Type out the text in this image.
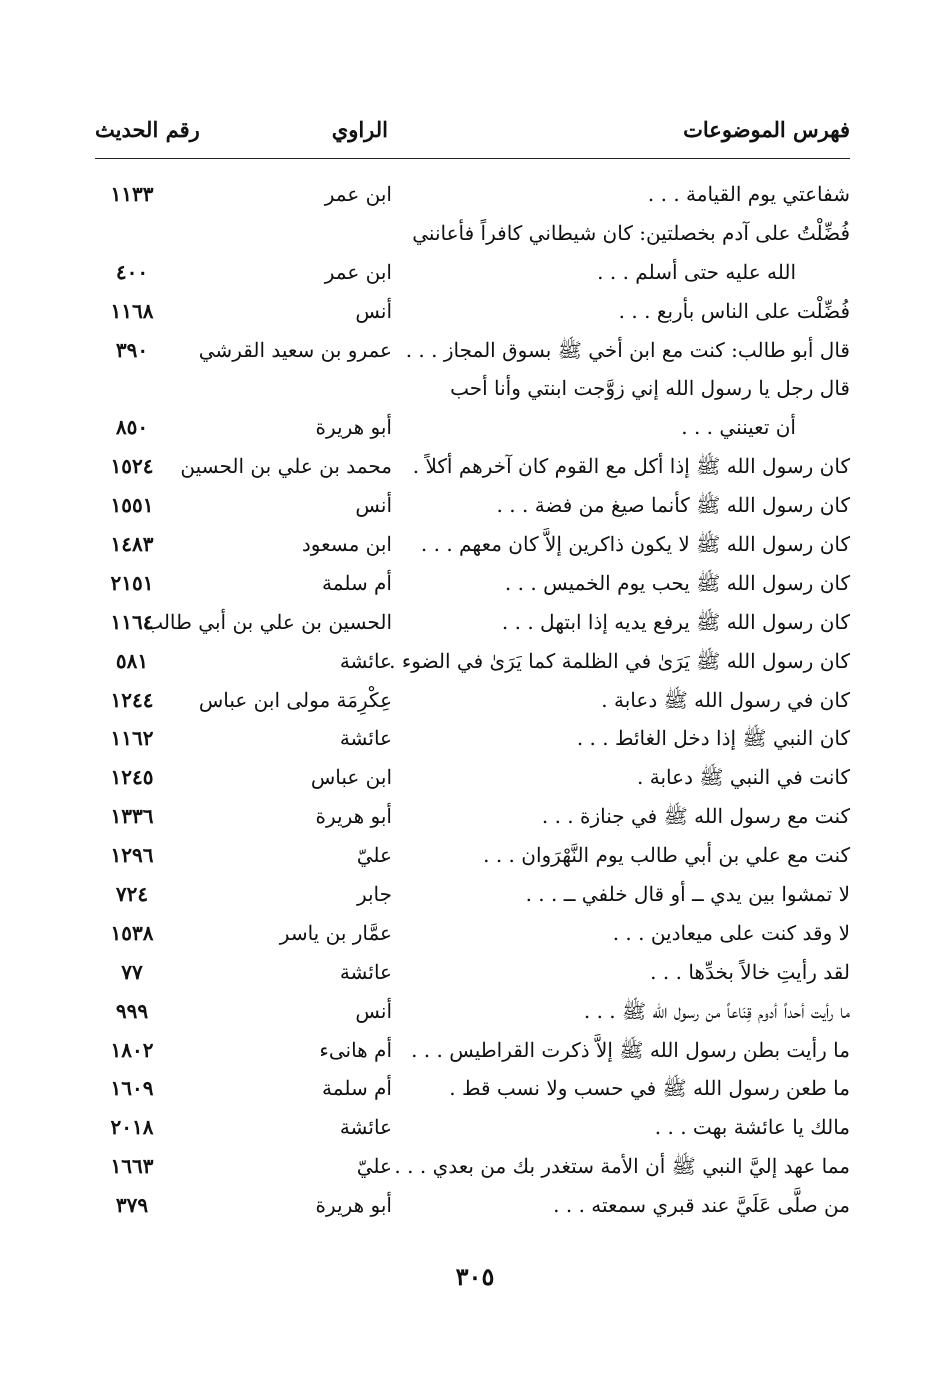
فهرس الموضوعات
الراوي
رقم الحديث
شفاعتي يوم القيامة . . .
ابن عمر
١١٣٣
فُضِّلْتُ على آدم بخصلتين: كان شيطاني كافراً فأعانني
الله عليه حتى أسلم . . .
ابن عمر
٤٠٠
فُضِّلْت على الناس بأربع . . .
أنس
١١٦٨
قال أبو طالب: كنت مع ابن أخي ﷺ بسوق المجاز . . .
عمرو بن سعيد القرشي
٣٩٠
قال رجل يا رسول الله إني زوَّجت ابنتي وأنا أحب
أن تعينني . . .
أبو هريرة
٨٥٠
كان رسول الله ﷺ إذا أكل مع القوم كان آخرهم أكلاً .
محمد بن علي بن الحسين
١٥٢٤
كان رسول الله ﷺ كأنما صيغ من فضة . . .
أنس
١٥٥١
كان رسول الله ﷺ لا يكون ذاكرين إلاَّ كان معهم . . .
ابن مسعود
١٤٨٣
كان رسول الله ﷺ يحب يوم الخميس . . .
أم سلمة
٢١٥١
كان رسول الله ﷺ يرفع يديه إذا ابتهل . . .
الحسين بن علي بن أبي طالب
١١٦٤
كان رسول الله ﷺ يَرَىٰ في الظلمة كما يَرَىٰ في الضوء .
عائشة
٥٨١
كان في رسول الله ﷺ دعابة .
عِكْرِمَة مولى ابن عباس
١٢٤٤
كان النبي ﷺ إذا دخل الغائط . . .
عائشة
١١٦٢
كانت في النبي ﷺ دعابة .
ابن عباس
١٢٤٥
كنت مع رسول الله ﷺ في جنازة . . .
أبو هريرة
١٣٣٦
كنت مع علي بن أبي طالب يوم النَّهْرَوان . . .
عليّ
١٢٩٦
لا تمشوا بين يدي ــ أو قال خلفي ــ . . .
جابر
٧٢٤
لا وقد كنت على ميعادين . . .
عمَّار بن ياسر
١٥٣٨
لقد رأيتِ خالاً بخدِّها . . .
عائشة
٧٧
ما رأيت أحداً أدوم قِنَاعاً من رسول الله ﷺ . . .
أنس
٩٩٩
ما رأيت بطن رسول الله ﷺ إلاَّ ذكرت القراطيس . . .
أم هانىء
١٨٠٢
ما طعن رسول الله ﷺ في حسب ولا نسب قط .
أم سلمة
١٦٠٩
مالك يا عائشة بهت . . .
عائشة
٢٠١٨
مما عهد إليَّ النبي ﷺ أن الأمة ستغدر بك من بعدي . . .
عليّ
١٦٦٣
من صلَّى عَلَيَّ عند قبري سمعته . . .
أبو هريرة
٣٧٩
٣٠٥
